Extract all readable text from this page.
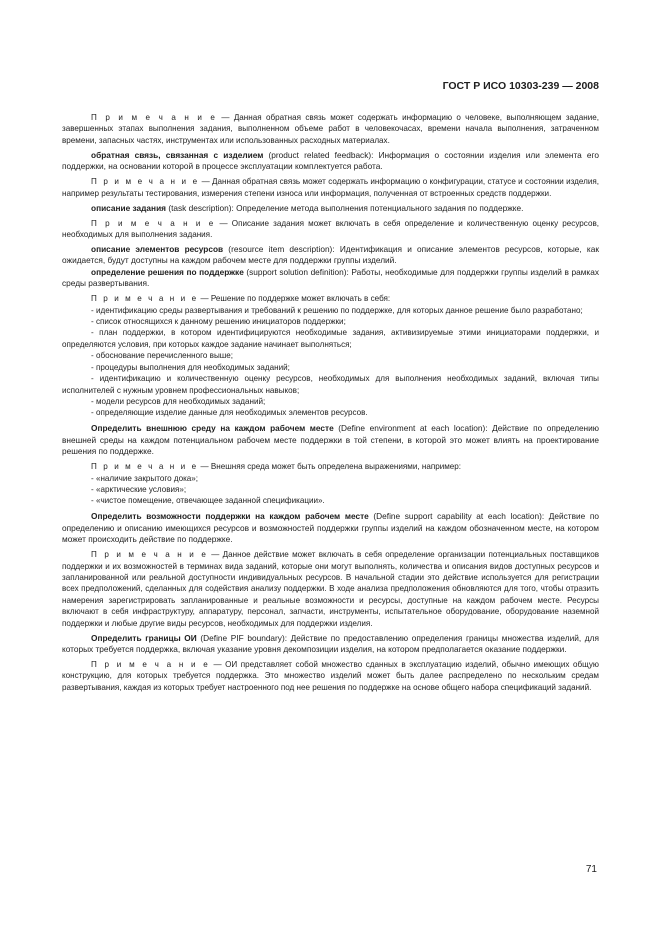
ГОСТ Р ИСО 10303-239 — 2008

П р и м е ч а н и е — Данная обратная связь может содержать информацию о человеке, выполняющем задание, завершенных этапах выполнения задания, выполненном объеме работ в человекочасах, времени начала выполнения, затраченном времени, запасных частях, инструментах или использованных расходных материалах.

обратная связь, связанная с изделием (product related feedback): Информация о состоянии изделия или элемента его поддержки, на основании которой в процессе эксплуатации комплектуется работа.

П р и м е ч а н и е — Данная обратная связь может содержать информацию о конфигурации, статусе и состоянии изделия, например результаты тестирования, измерения степени износа или информация, полученная от встроенных средств поддержки.

описание задания (task description): Определение метода выполнения потенциального задания по поддержке.

П р и м е ч а н и е — Описание задания может включать в себя определение и количественную оценку ресурсов, необходимых для выполнения задания.

описание элементов ресурсов (resource item description): Идентификация и описание элементов ресурсов, которые, как ожидается, будут доступны на каждом рабочем месте для поддержки группы изделий.

определение решения по поддержке (support solution definition): Работы, необходимые для поддержки группы изделий в рамках среды развертывания.

П р и м е ч а н и е — Решение по поддержке может включать в себя:

- идентификацию среды развертывания и требований к решению по поддержке, для которых данное решение было разработано;

- список относящихся к данному решению инициаторов поддержки;

- план поддержки, в котором идентифицируются необходимые задания, активизируемые этими инициаторами поддержки, и определяются условия, при которых каждое задание начинает выполняться;

- обоснование перечисленного выше;

- процедуры выполнения для необходимых заданий;

- идентификацию и количественную оценку ресурсов, необходимых для выполнения необходимых заданий, включая типы исполнителей с нужным уровнем профессиональных навыков;

- модели ресурсов для необходимых заданий;

- определяющие изделие данные для необходимых элементов ресурсов.

Определить внешнюю среду на каждом рабочем месте (Define environment at each location): Действие по определению внешней среды на каждом потенциальном рабочем месте поддержки в той степени, в которой это может влиять на проектирование решения по поддержке.

П р и м е ч а н и е — Внешняя среда может быть определена выражениями, например:

- «наличие закрытого дока»;

- «арктические условия»;

- «чистое помещение, отвечающее заданной спецификации».

Определить возможности поддержки на каждом рабочем месте (Define support capability at each location): Действие по определению и описанию имеющихся ресурсов и возможностей поддержки группы изделий на каждом обозначенном месте, на котором может происходить действие по поддержке.

П р и м е ч а н и е — Данное действие может включать в себя определение организации потенциальных поставщиков поддержки и их возможностей в терминах вида заданий, которые они могут выполнять, количества и описания видов доступных ресурсов и запланированной или реальной доступности индивидуальных ресурсов. В начальной стадии это действие используется для регистрации всех предположений, сделанных для содействия анализу поддержки. В ходе анализа предположения обновляются для того, чтобы отразить намерения зарегистрировать запланированные и реальные возможности и ресурсы, доступные на каждом рабочем месте. Ресурсы включают в себя инфраструктуру, аппаратуру, персонал, запчасти, инструменты, испытательное оборудование, оборудование наземной поддержки и любые другие виды ресурсов, необходимых для поддержки изделия.

Определить границы ОИ (Define PIF boundary): Действие по предоставлению определения границы множества изделий, для которых требуется поддержка, включая указание уровня декомпозиции изделия, на котором предполагается оказание поддержки.

П р и м е ч а н и е — ОИ представляет собой множество сданных в эксплуатацию изделий, обычно имеющих общую конструкцию, для которых требуется поддержка. Это множество изделий может быть далее распределено по нескольким средам развертывания, каждая из которых требует настроенного под нее решения по поддержке на основе общего набора спецификаций заданий.

71
